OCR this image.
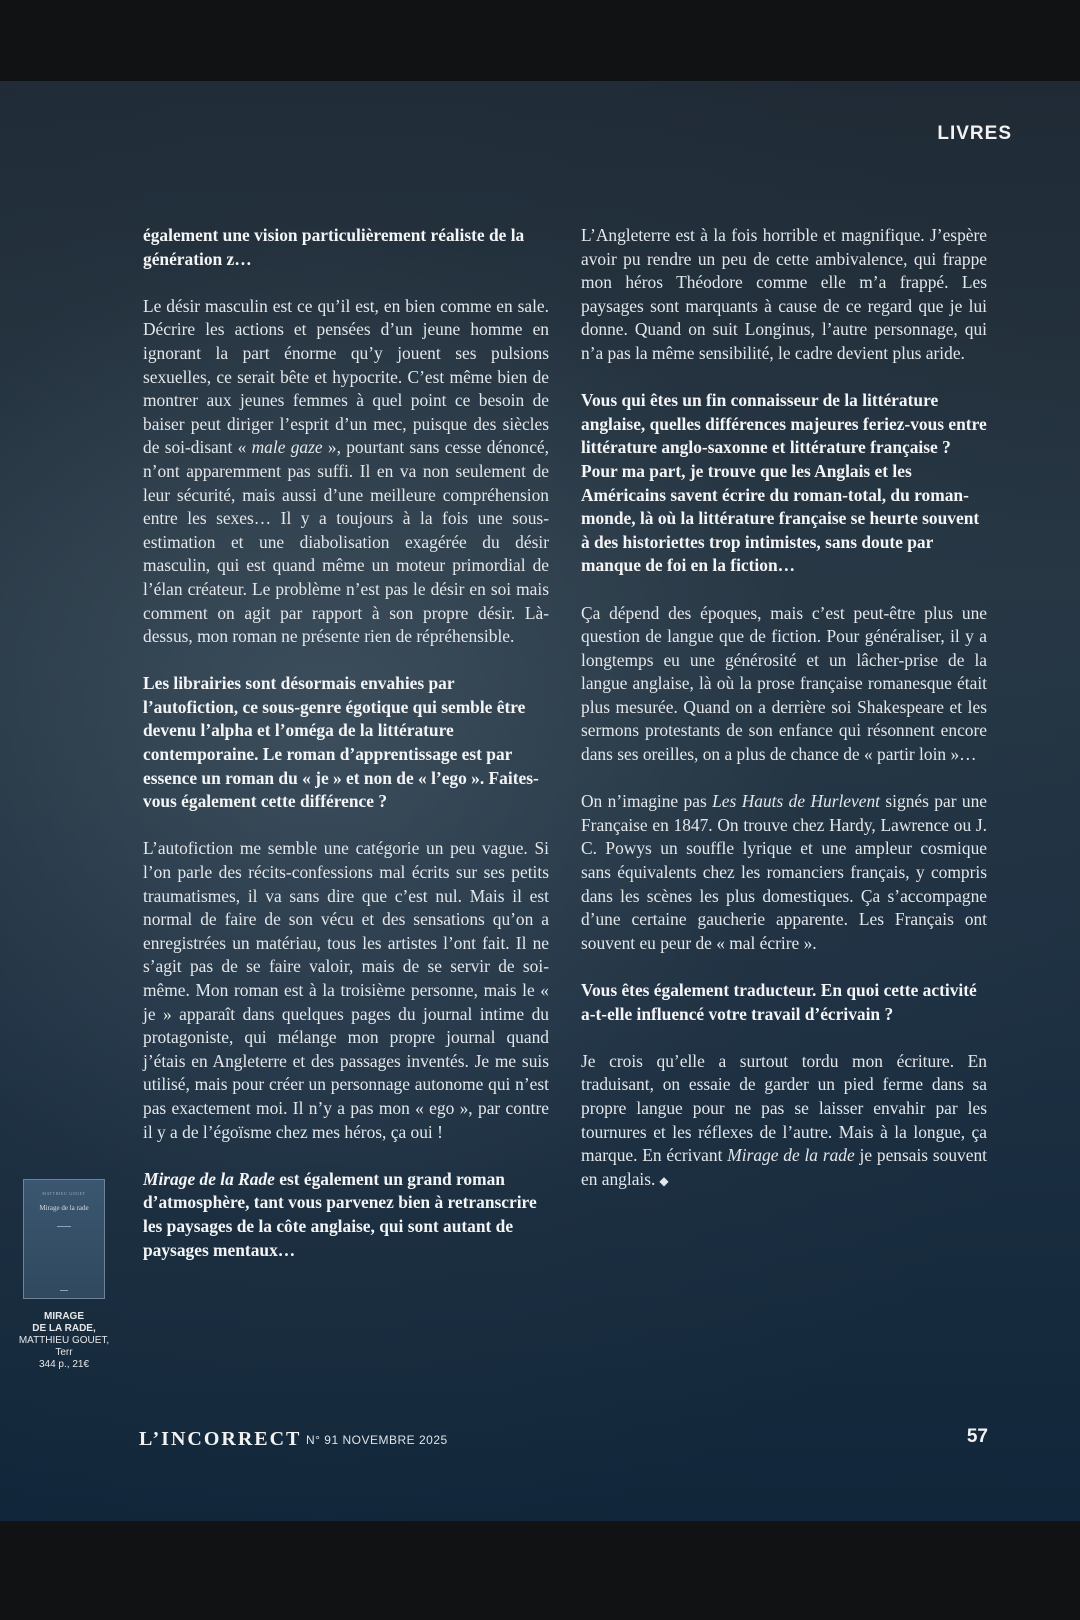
LIVRES

également une vision particulièrement réaliste de la génération z…

Le désir masculin est ce qu’il est, en bien comme en sale. Décrire les actions et pensées d’un jeune homme en ignorant la part énorme qu’y jouent ses pulsions sexuelles, ce serait bête et hypocrite. C’est même bien de montrer aux jeunes femmes à quel point ce besoin de baiser peut diriger l’esprit d’un mec, puisque des siècles de soi-disant « male gaze », pourtant sans cesse dénoncé, n’ont apparemment pas suffi. Il en va non seulement de leur sécurité, mais aussi d’une meilleure compréhension entre les sexes… Il y a toujours à la fois une sous-estimation et une diabolisation exagérée du désir masculin, qui est quand même un moteur primordial de l’élan créateur. Le problème n’est pas le désir en soi mais comment on agit par rapport à son propre désir. Là-dessus, mon roman ne présente rien de répréhensible.

Les librairies sont désormais envahies par l’autofiction, ce sous-genre égotique qui semble être devenu l’alpha et l’oméga de la littérature contemporaine. Le roman d’apprentissage est par essence un roman du « je » et non de « l’ego ». Faites-vous également cette différence ?

L’autofiction me semble une catégorie un peu vague. Si l’on parle des récits-confessions mal écrits sur ses petits traumatismes, il va sans dire que c’est nul. Mais il est normal de faire de son vécu et des sensations qu’on a enregistrées un matériau, tous les artistes l’ont fait. Il ne s’agit pas de se faire valoir, mais de se servir de soi-même. Mon roman est à la troisième personne, mais le « je » apparaît dans quelques pages du journal intime du protagoniste, qui mélange mon propre journal quand j’étais en Angleterre et des passages inventés. Je me suis utilisé, mais pour créer un personnage autonome qui n’est pas exactement moi. Il n’y a pas mon « ego », par contre il y a de l’égoïsme chez mes héros, ça oui !

Mirage de la Rade est également un grand roman d’atmosphère, tant vous parvenez bien à retranscrire les paysages de la côte anglaise, qui sont autant de paysages mentaux…

L’Angleterre est à la fois horrible et magnifique. J’espère avoir pu rendre un peu de cette ambivalence, qui frappe mon héros Théodore comme elle m’a frappé. Les paysages sont marquants à cause de ce regard que je lui donne. Quand on suit Longinus, l’autre personnage, qui n’a pas la même sensibilité, le cadre devient plus aride.

Vous qui êtes un fin connaisseur de la littérature anglaise, quelles différences majeures feriez-vous entre littérature anglo-saxonne et littérature française ? Pour ma part, je trouve que les Anglais et les Américains savent écrire du roman-total, du roman-monde, là où la littérature française se heurte souvent à des historiettes trop intimistes, sans doute par manque de foi en la fiction…

Ça dépend des époques, mais c’est peut-être plus une question de langue que de fiction. Pour généraliser, il y a longtemps eu une générosité et un lâcher-prise de la langue anglaise, là où la prose française romanesque était plus mesurée. Quand on a derrière soi Shakespeare et les sermons protestants de son enfance qui résonnent encore dans ses oreilles, on a plus de chance de « partir loin »…

On n’imagine pas Les Hauts de Hurlevent signés par une Française en 1847. On trouve chez Hardy, Lawrence ou J. C. Powys un souffle lyrique et une ampleur cosmique sans équivalents chez les romanciers français, y compris dans les scènes les plus domestiques. Ça s’accompagne d’une certaine gaucherie apparente. Les Français ont souvent eu peur de « mal écrire ».

Vous êtes également traducteur. En quoi cette activité a-t-elle influencé votre travail d’écrivain ?

Je crois qu’elle a surtout tordu mon écriture. En traduisant, on essaie de garder un pied ferme dans sa propre langue pour ne pas se laisser envahir par les tournures et les réflexes de l’autre. Mais à la longue, ça marque. En écrivant Mirage de la rade je pensais souvent en anglais. ◆

MATTHIEU GOUET
Mirage de la rade
MIRAGE
DE LA RADE,
MATTHIEU GOUET,
Terr
344 p., 21€
L’INCORRECT N° 91 NOVEMBRE 2025	57
